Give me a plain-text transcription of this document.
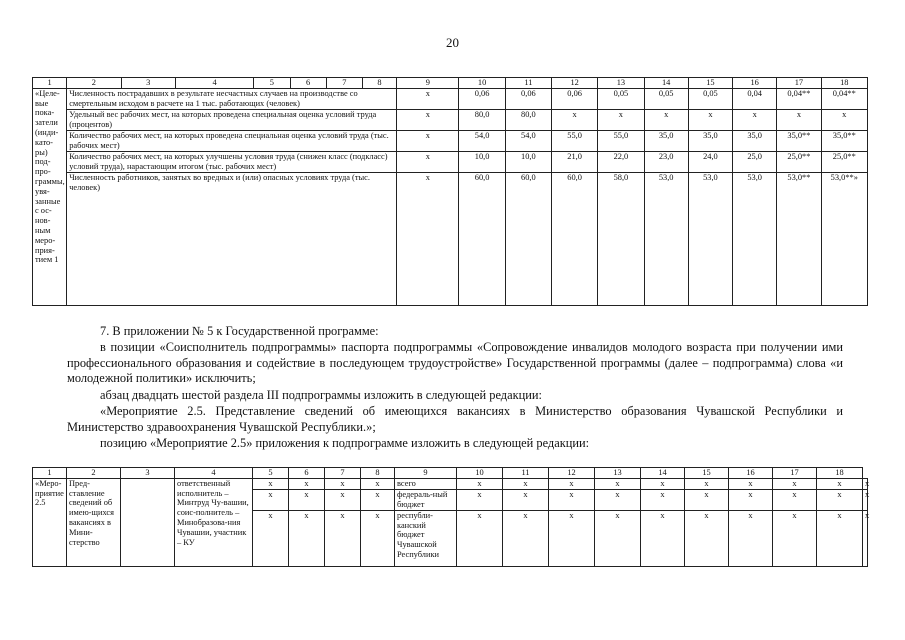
20
1	2	3	4	5	6	7	8	9	10	11	12	13	14	15	16	17	18
«Целе-вые пока-затели (инди-като-ры) под-про-граммы, увя-занные с ос-нов-ным меро-прия-тием 1	Численность пострадавших в результате несчастных случаев на производстве со смертельным исходом в расчете на 1 тыс. работающих (человек)							x	0,06	0,06	0,06	0,05	0,05	0,05	0,04	0,04**	0,04**
	Удельный вес рабочих мест, на которых проведена специальная оценка условий труда (процентов)							x	80,0	80,0	x	x	x	x	x	x	x
	Количество рабочих мест, на которых проведена специальная оценка условий труда (тыс. рабочих мест)							x	54,0	54,0	55,0	55,0	35,0	35,0	35,0	35,0**	35,0**
	Количество рабочих мест, на которых улучшены условия труда (снижен класс (подкласс) условий труда), нарастающим итогом (тыс. рабочих мест)							x	10,0	10,0	21,0	22,0	23,0	24,0	25,0	25,0**	25,0**
	Численность работников, занятых во вредных и (или) опасных условиях труда (тыс. человек)							x	60,0	60,0	60,0	58,0	53,0	53,0	53,0	53,0**	53,0**»

7. В приложении № 5 к Государственной программе:

в позиции «Соисполнитель подпрограммы» паспорта подпрограммы «Сопровождение инвалидов молодого возраста при получении ими профессионального образования и содействие в последующем трудоустройстве» Государственной программы (далее – подпрограмма) слова «и молодежной политики» исключить;

абзац двадцать шестой раздела III подпрограммы изложить в следующей редакции:

«Мероприятие 2.5. Представление сведений об имеющихся вакансиях в Министерство образования Чувашской Республики и Министерство здравоохранения Чувашской Республики.»;

позицию «Мероприятие 2.5» приложения к подпрограмме изложить в следующей редакции:

1	2	3	4	5	6	7	8	9	10	11	12	13	14	15	16	17	18	
«Меро-приятие 2.5	Пред-ставление сведений об имею-щихся вакансиях в Мини-стерство		ответственный исполнитель – Минтруд Чу-вашии, соис-полнитель – Минобразова-ния Чувашии, участник – КУ	x	x	x	x	всего	x	x	x	x	x	x	x	x	x	x
				x	x	x	x	федераль-ный бюджет	x	x	x	x	x	x	x	x	x	x
				x	x	x	x	республи-канский бюджет Чувашской Республики	x	x	x	x	x	x	x	x	x	x
